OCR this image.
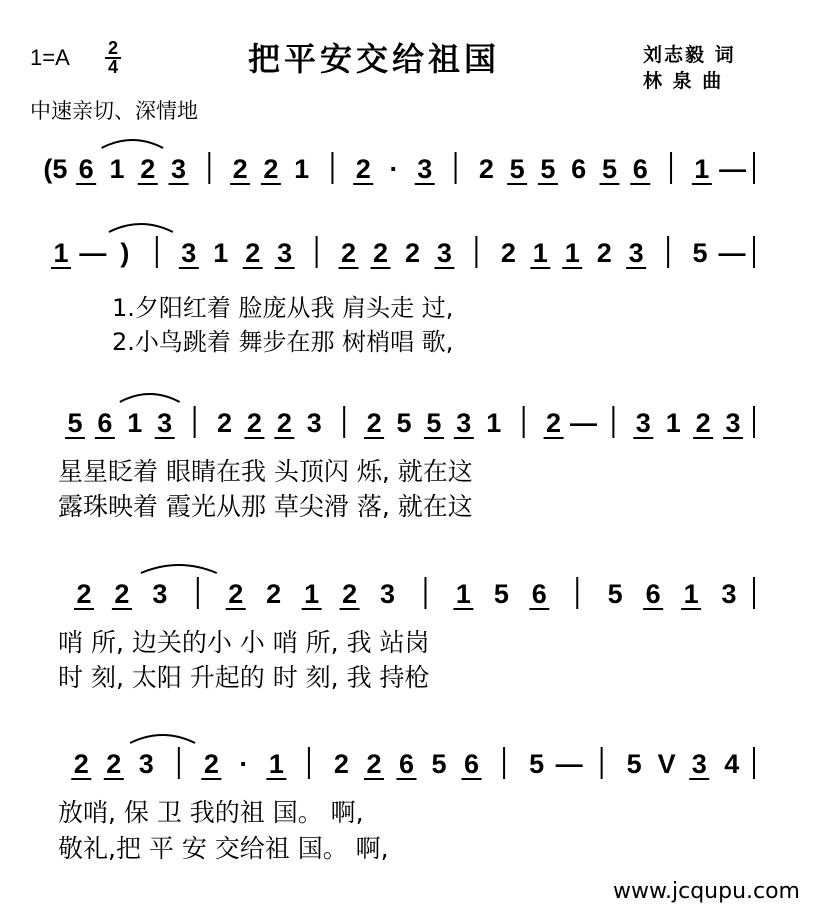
1=A 2
4	把平安交给祖国	刘志毅 词
林 泉 曲
中速亲切、深情地
(5 6 1 2 3 2 2 1 2 · 3 2 5 5 6 5 6 1 —
1 — ) 3 1 2 3 2 2 2 3 2 1 1 2 3 5 —
5 6 1 3 2 2 2 3 2 5 5 3 1 2 — 3 1 2 3
2 2 3 2 2 1 2 3 1 5 6 5 6 1 3
2 2 3 2 · 1 2 2 6 5 6 5 — 5 V 3 4
1.夕阳红着 脸庞从我 肩头走 过,
2.小鸟跳着 舞步在那 树梢唱 歌,
星星眨着 眼睛在我 头顶闪 烁, 就在这
露珠映着 霞光从那 草尖滑 落, 就在这
哨 所, 边关的小 小 哨 所, 我 站岗
时 刻, 太阳 升起的 时 刻, 我 持枪
放哨, 保 卫 我的祖 国。 啊,
敬礼,把 平 安 交给祖 国。 啊,
www.jcqupu.com
